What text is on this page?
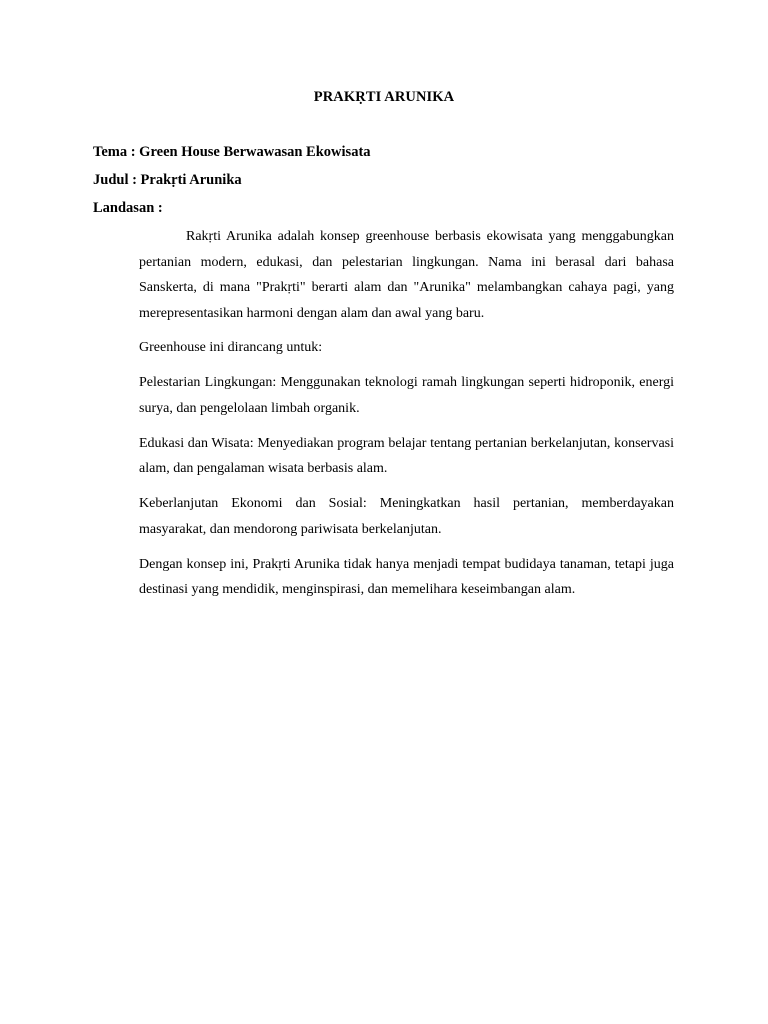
PRAKṚTI ARUNIKA
Tema : Green House Berwawasan Ekowisata
Judul : Prakṛti Arunika
Landasan :

Rakṛti Arunika adalah konsep greenhouse berbasis ekowisata yang menggabungkan pertanian modern, edukasi, dan pelestarian lingkungan. Nama ini berasal dari bahasa Sanskerta, di mana "Prakṛti" berarti alam dan "Arunika" melambangkan cahaya pagi, yang merepresentasikan harmoni dengan alam dan awal yang baru.

Greenhouse ini dirancang untuk:

Pelestarian Lingkungan: Menggunakan teknologi ramah lingkungan seperti hidroponik, energi surya, dan pengelolaan limbah organik.

Edukasi dan Wisata: Menyediakan program belajar tentang pertanian berkelanjutan, konservasi alam, dan pengalaman wisata berbasis alam.

Keberlanjutan Ekonomi dan Sosial: Meningkatkan hasil pertanian, memberdayakan masyarakat, dan mendorong pariwisata berkelanjutan.

Dengan konsep ini, Prakṛti Arunika tidak hanya menjadi tempat budidaya tanaman, tetapi juga destinasi yang mendidik, menginspirasi, dan memelihara keseimbangan alam.
